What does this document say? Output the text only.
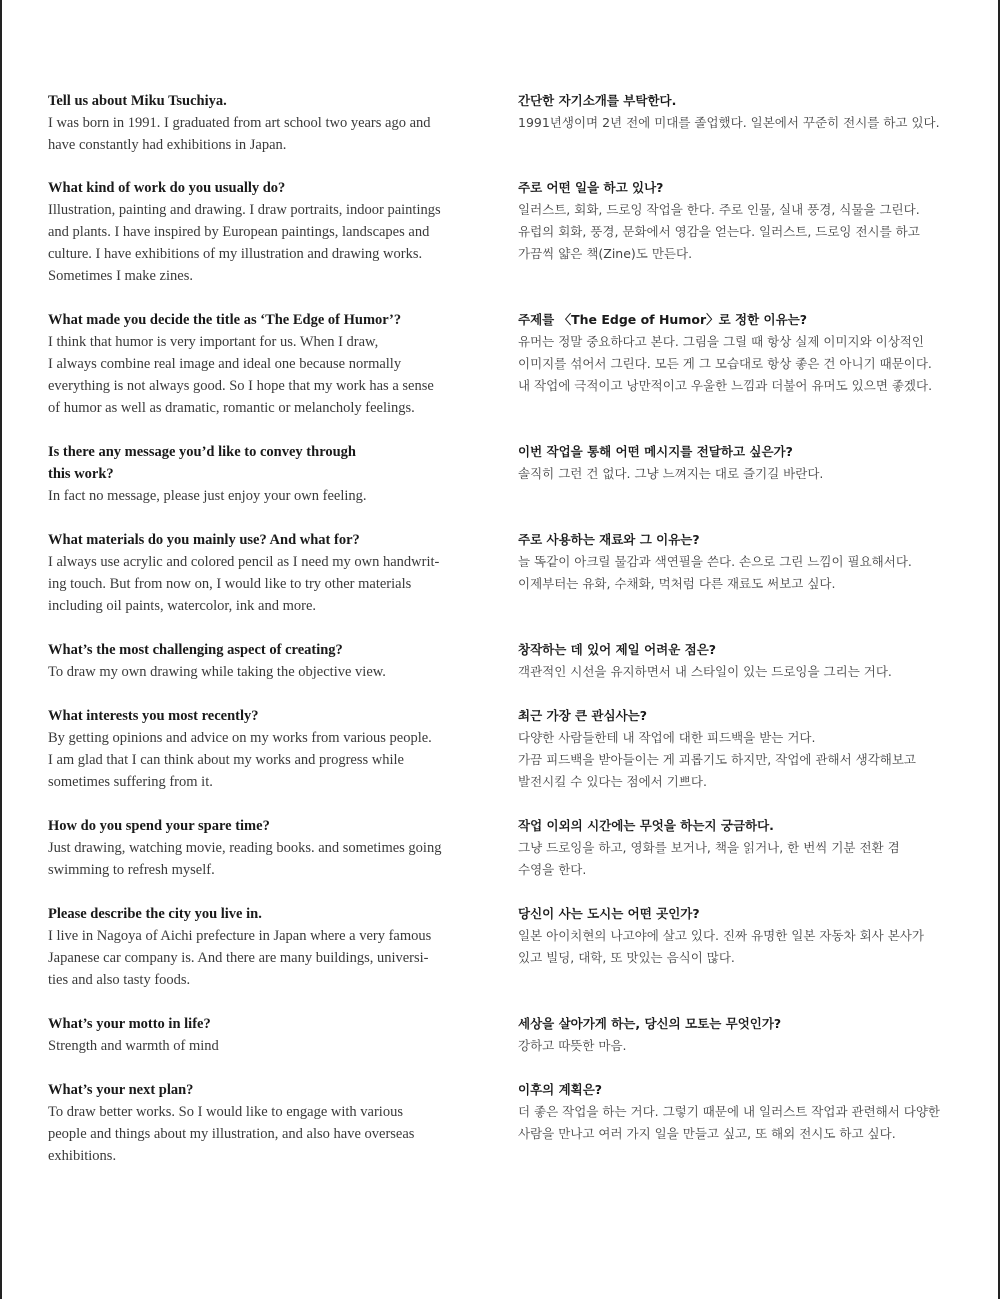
Tell us about Miku Tsuchiya.

I was born in 1991. I graduated from art school two years ago and
have constantly had exhibitions in Japan.

간단한 자기소개를 부탁한다.

1991년생이며 2년 전에 미대를 졸업했다. 일본에서 꾸준히 전시를 하고 있다.

What kind of work do you usually do?

Illustration, painting and drawing. I draw portraits, indoor paintings
and plants. I have inspired by European paintings, landscapes and
culture. I have exhibitions of my illustration and drawing works.
Sometimes I make zines.

주로 어떤 일을 하고 있나?

일러스트, 회화, 드로잉 작업을 한다. 주로 인물, 실내 풍경, 식물을 그린다.
유럽의 회화, 풍경, 문화에서 영감을 얻는다. 일러스트, 드로잉 전시를 하고
가끔씩 얇은 책(Zine)도 만든다.

What made you decide the title as ‘The Edge of Humor’?

I think that humor is very important for us. When I draw,
I always combine real image and ideal one because normally
everything is not always good. So I hope that my work has a sense
of humor as well as dramatic, romantic or melancholy feelings.

주제를 〈The Edge of Humor〉로 정한 이유는?

유머는 정말 중요하다고 본다. 그림을 그릴 때 항상 실제 이미지와 이상적인
이미지를 섞어서 그린다. 모든 게 그 모습대로 항상 좋은 건 아니기 때문이다.
내 작업에 극적이고 낭만적이고 우울한 느낌과 더불어 유머도 있으면 좋겠다.

Is there any message you’d like to convey through
this work?

In fact no message, please just enjoy your own feeling.

이번 작업을 통해 어떤 메시지를 전달하고 싶은가?

솔직히 그런 건 없다. 그냥 느껴지는 대로 즐기길 바란다.

What materials do you mainly use? And what for?

I always use acrylic and colored pencil as I need my own handwrit-
ing touch. But from now on, I would like to try other materials
including oil paints, watercolor, ink and more.

주로 사용하는 재료와 그 이유는?

늘 똑같이 아크릴 물감과 색연필을 쓴다. 손으로 그린 느낌이 필요해서다.
이제부터는 유화, 수채화, 먹처럼 다른 재료도 써보고 싶다.

What’s the most challenging aspect of creating?

To draw my own drawing while taking the objective view.

창작하는 데 있어 제일 어려운 점은?

객관적인 시선을 유지하면서 내 스타일이 있는 드로잉을 그리는 거다.

What interests you most recently?

By getting opinions and advice on my works from various people.
I am glad that I can think about my works and progress while
sometimes suffering from it.

최근 가장 큰 관심사는?

다양한 사람들한테 내 작업에 대한 피드백을 받는 거다.
가끔 피드백을 받아들이는 게 괴롭기도 하지만, 작업에 관해서 생각해보고
발전시킬 수 있다는 점에서 기쁘다.

How do you spend your spare time?

Just drawing, watching movie, reading books. and sometimes going
swimming to refresh myself.

작업 이외의 시간에는 무엇을 하는지 궁금하다.

그냥 드로잉을 하고, 영화를 보거나, 책을 읽거나, 한 번씩 기분 전환 겸
수영을 한다.

Please describe the city you live in.

I live in Nagoya of Aichi prefecture in Japan where a very famous
Japanese car company is. And there are many buildings, universi-
ties and also tasty foods.

당신이 사는 도시는 어떤 곳인가?

일본 아이치현의 나고야에 살고 있다. 진짜 유명한 일본 자동차 회사 본사가
있고 빌딩, 대학, 또 맛있는 음식이 많다.

What’s your motto in life?

Strength and warmth of mind

세상을 살아가게 하는, 당신의 모토는 무엇인가?

강하고 따뜻한 마음.

What’s your next plan?

To draw better works. So I would like to engage with various
people and things about my illustration, and also have overseas
exhibitions.

이후의 계획은?

더 좋은 작업을 하는 거다. 그렇기 때문에 내 일러스트 작업과 관련해서 다양한
사람을 만나고 여러 가지 일을 만들고 싶고, 또 해외 전시도 하고 싶다.
